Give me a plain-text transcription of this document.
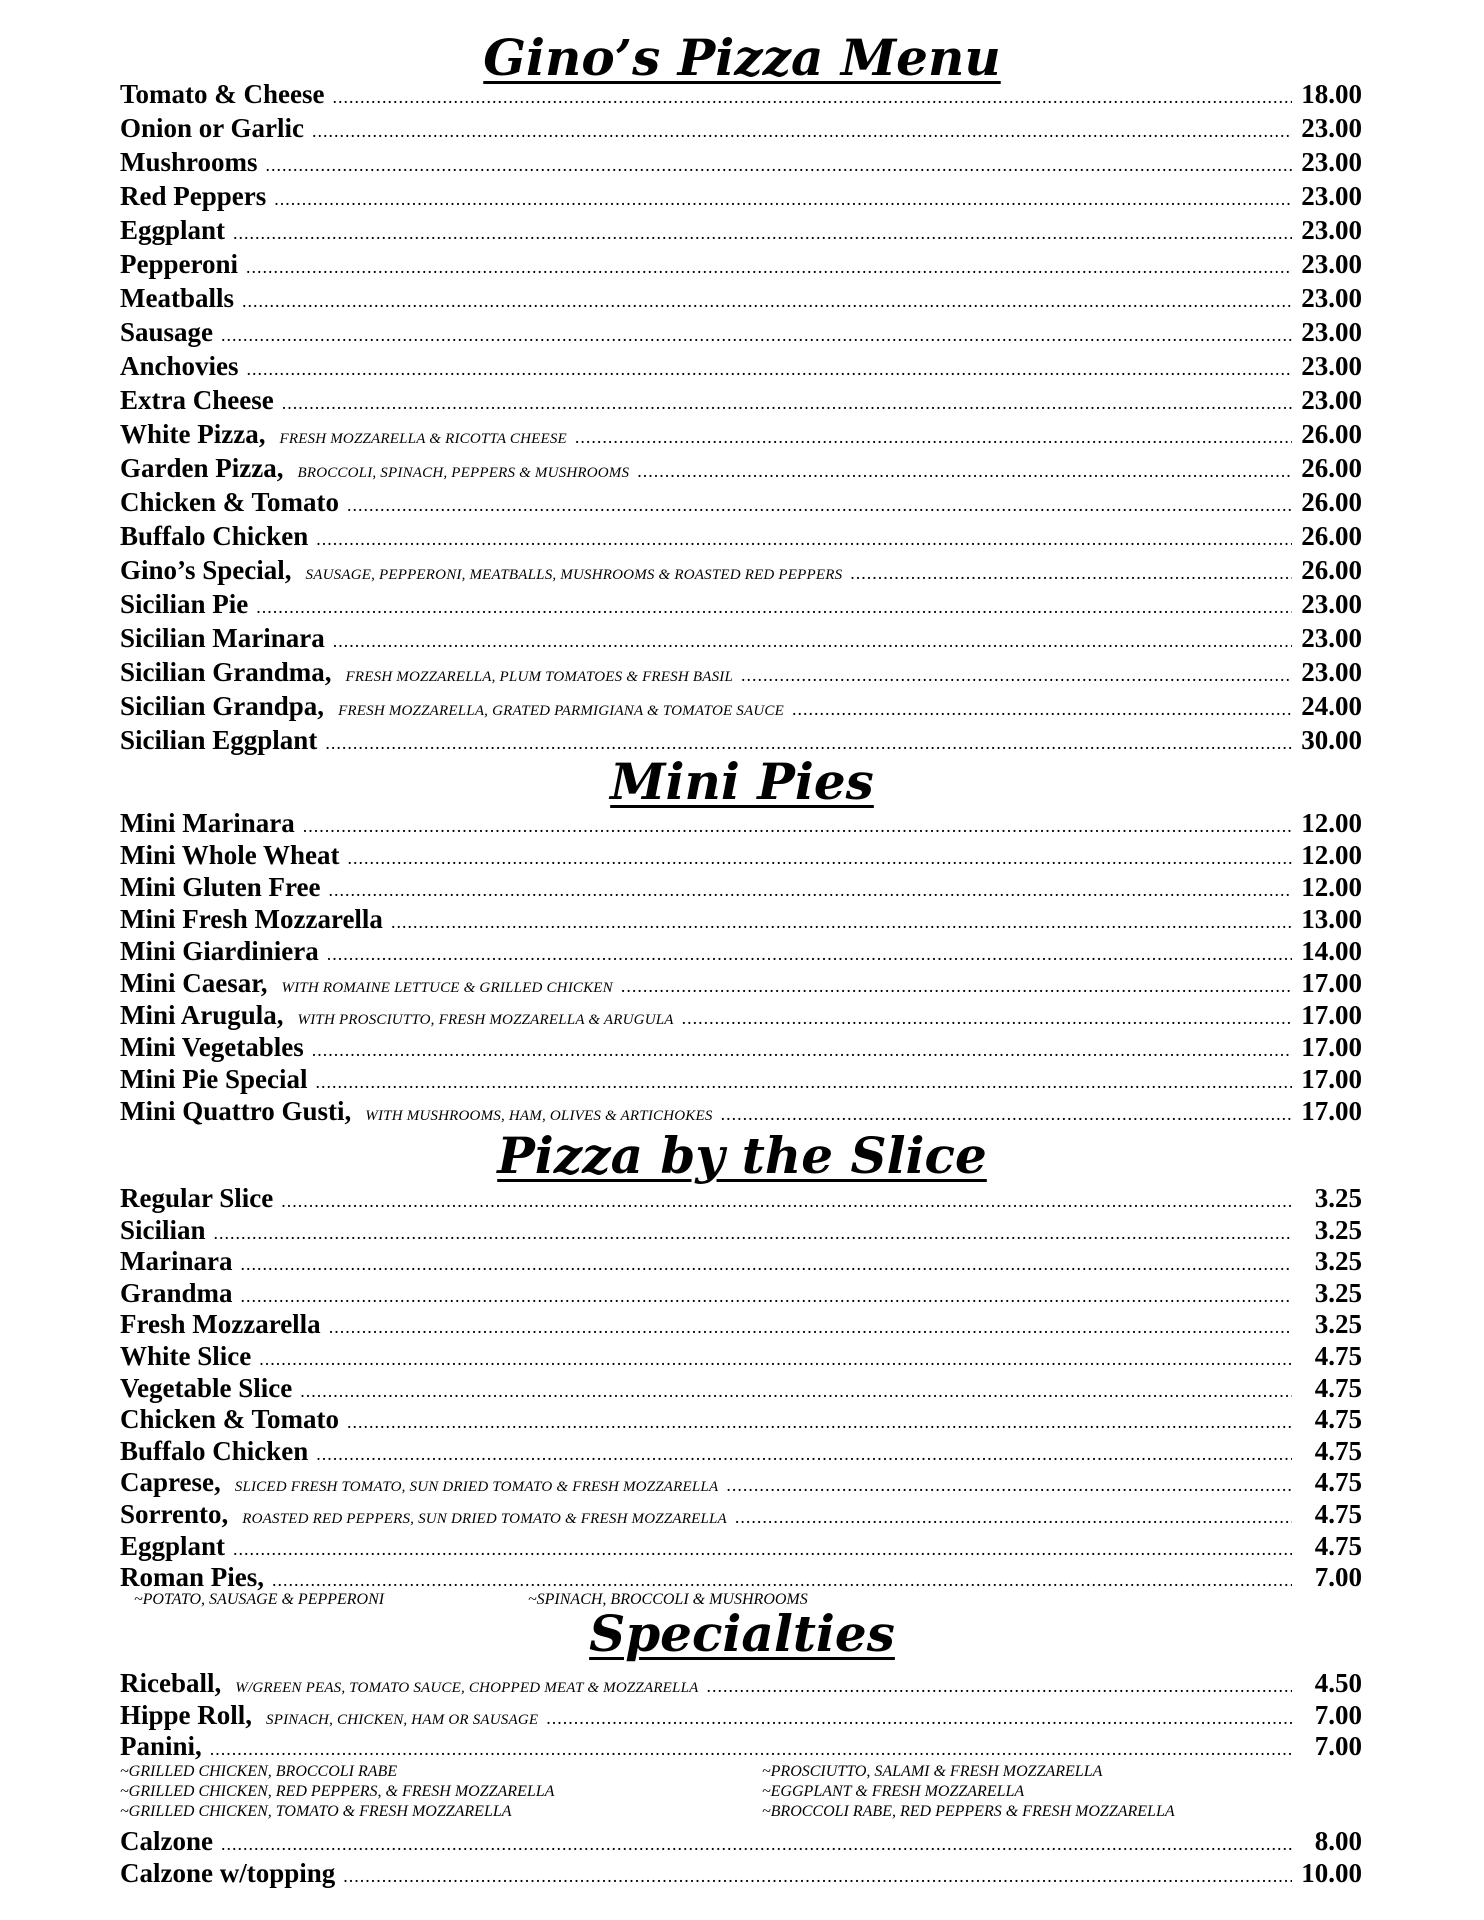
Gino’s Pizza Menu
Tomato & Cheese .....	18.00
Onion or Garlic .....	23.00
Mushrooms .....	23.00
Red Peppers .....	23.00
Eggplant .....	23.00
Pepperoni .....	23.00
Meatballs .....	23.00
Sausage .....	23.00
Anchovies .....	23.00
Extra Cheese .....	23.00
White Pizza, FRESH MOZZARELLA & RICOTTA CHEESE .....	26.00
Garden Pizza, BROCCOLI, SPINACH, PEPPERS & MUSHROOMS .....	26.00
Chicken & Tomato .....	26.00
Buffalo Chicken .....	26.00
Gino’s Special, SAUSAGE, PEPPERONI, MEATBALLS, MUSHROOMS & ROASTED RED PEPPERS .....	26.00
Sicilian Pie .....	23.00
Sicilian Marinara .....	23.00
Sicilian Grandma, FRESH MOZZARELLA, PLUM TOMATOES & FRESH BASIL .....	23.00
Sicilian Grandpa, FRESH MOZZARELLA, GRATED PARMIGIANA & TOMATOE SAUCE .....	24.00
Sicilian Eggplant .....	30.00
Mini Pies
Mini Marinara .....	12.00
Mini Whole Wheat .....	12.00
Mini Gluten Free .....	12.00
Mini Fresh Mozzarella .....	13.00
Mini Giardiniera .....	14.00
Mini Caesar, WITH ROMAINE LETTUCE & GRILLED CHICKEN .....	17.00
Mini Arugula, WITH PROSCIUTTO, FRESH MOZZARELLA & ARUGULA .....	17.00
Mini Vegetables .....	17.00
Mini Pie Special .....	17.00
Mini Quattro Gusti, WITH MUSHROOMS, HAM, OLIVES & ARTICHOKES .....	17.00
Pizza by the Slice
Regular Slice .....	3.25
Sicilian .....	3.25
Marinara .....	3.25
Grandma .....	3.25
Fresh Mozzarella .....	3.25
White Slice .....	4.75
Vegetable Slice .....	4.75
Chicken & Tomato .....	4.75
Buffalo Chicken .....	4.75
Caprese, SLICED FRESH TOMATO, SUN DRIED TOMATO & FRESH MOZZARELLA .....	4.75
Sorrento, ROASTED RED PEPPERS, SUN DRIED TOMATO & FRESH MOZZARELLA .....	4.75
Eggplant .....	4.75
Roman Pies, .....	7.00
~POTATO, SAUSAGE & PEPPERONI	~SPINACH, BROCCOLI & MUSHROOMS
Specialties
Riceball, W/GREEN PEAS, TOMATO SAUCE, CHOPPED MEAT & MOZZARELLA .....	4.50
Hippe Roll, SPINACH, CHICKEN, HAM OR SAUSAGE .....	7.00
Panini, .....	7.00
~GRILLED CHICKEN, BROCCOLI RABE	~PROSCIUTTO, SALAMI & FRESH MOZZARELLA
~GRILLED CHICKEN, RED PEPPERS, & FRESH MOZZARELLA	~EGGPLANT & FRESH MOZZARELLA
~GRILLED CHICKEN, TOMATO & FRESH MOZZARELLA	~BROCCOLI RABE, RED PEPPERS & FRESH MOZZARELLA
Calzone .....	8.00
Calzone w/topping .....	10.00
